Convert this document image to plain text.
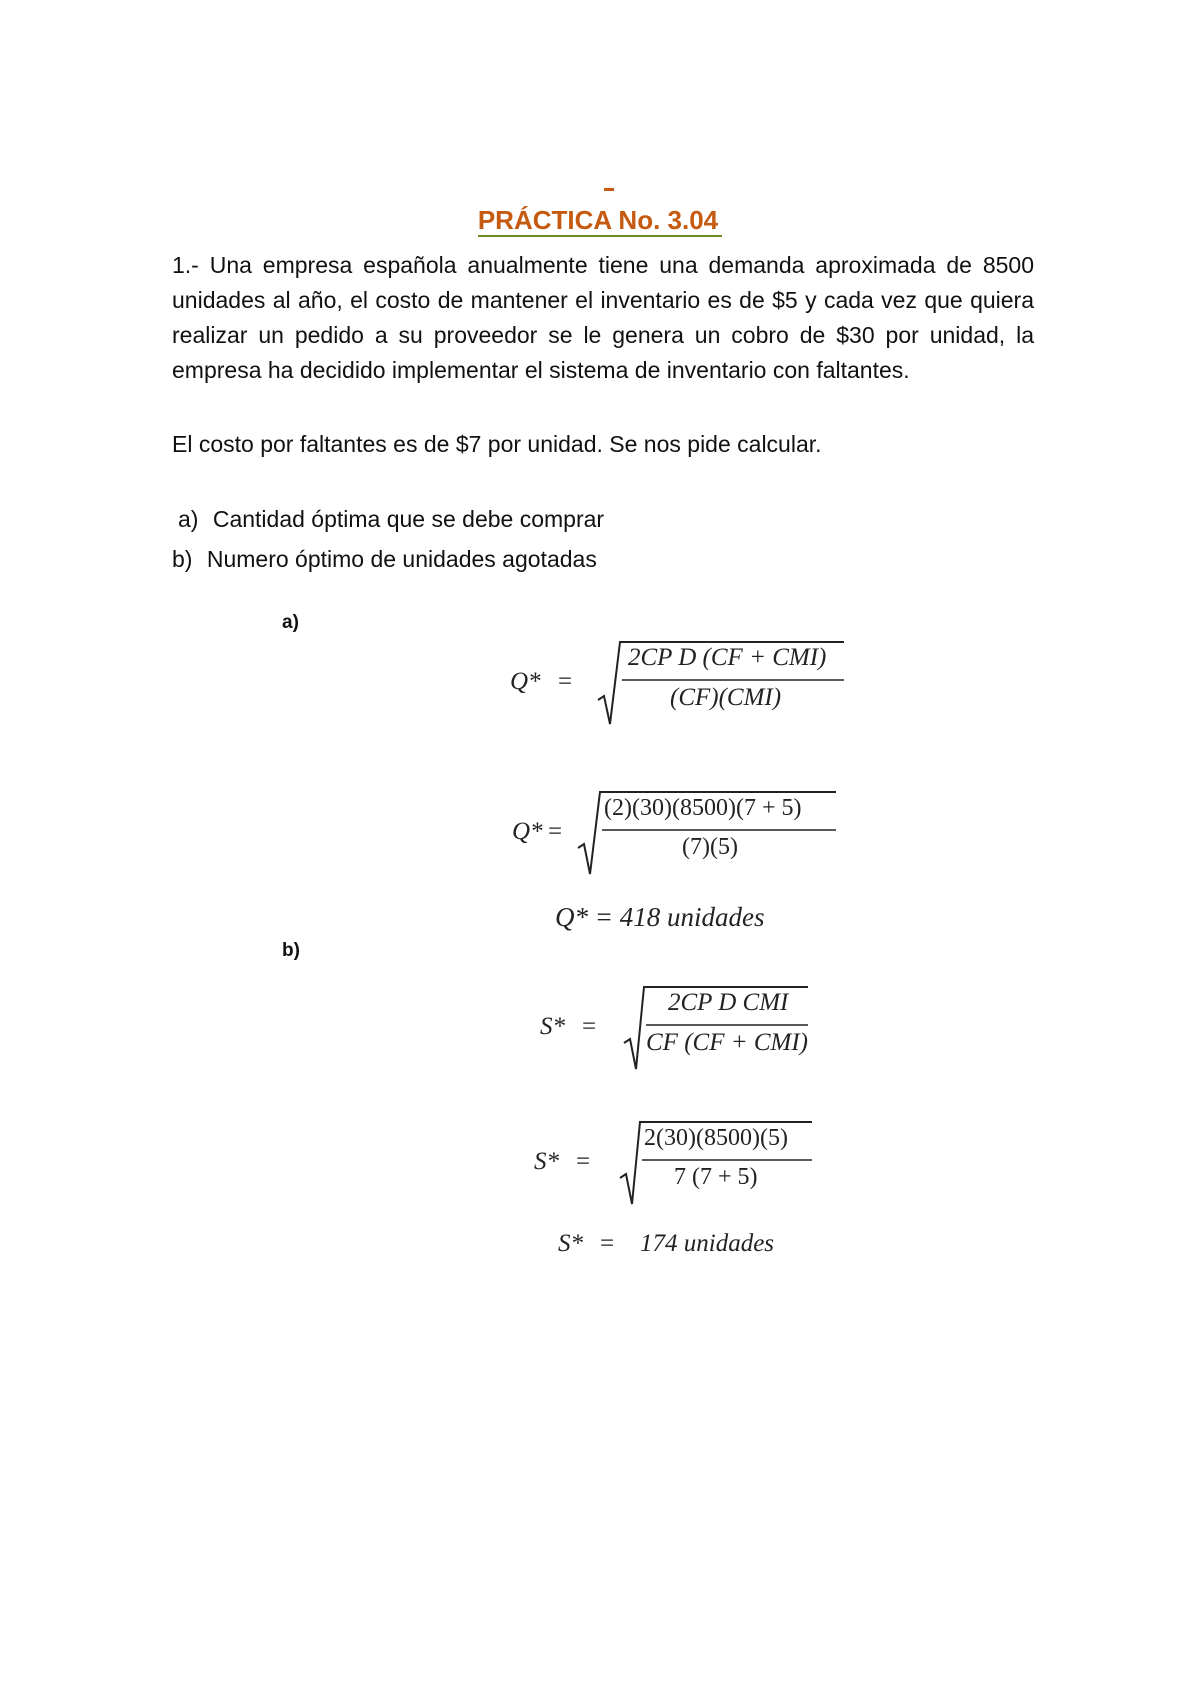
PRÁCTICA No. 3.04
1.- Una empresa española anualmente tiene una demanda aproximada de 8500 unidades al año, el costo de mantener el inventario es de $5 y cada vez que quiera realizar un pedido a su proveedor se le genera un cobro de $30 por unidad, la empresa ha decidido implementar el sistema de inventario con faltantes.
El costo por faltantes es de $7 por unidad. Se nos pide calcular.
a) Cantidad óptima que se debe comprar
b) Numero óptimo de unidades agotadas
a)
Q* =
2CP D (CF + CMI)
(CF)(CMI)
Q* =
(2)(30)(8500)(7 + 5)
(7)(5)
Q* = 418 unidades
b)
S* =
2CP D CMI
CF (CF + CMI)
S* =
2(30)(8500)(5)
7 (7 + 5)
S* = 174 unidades
